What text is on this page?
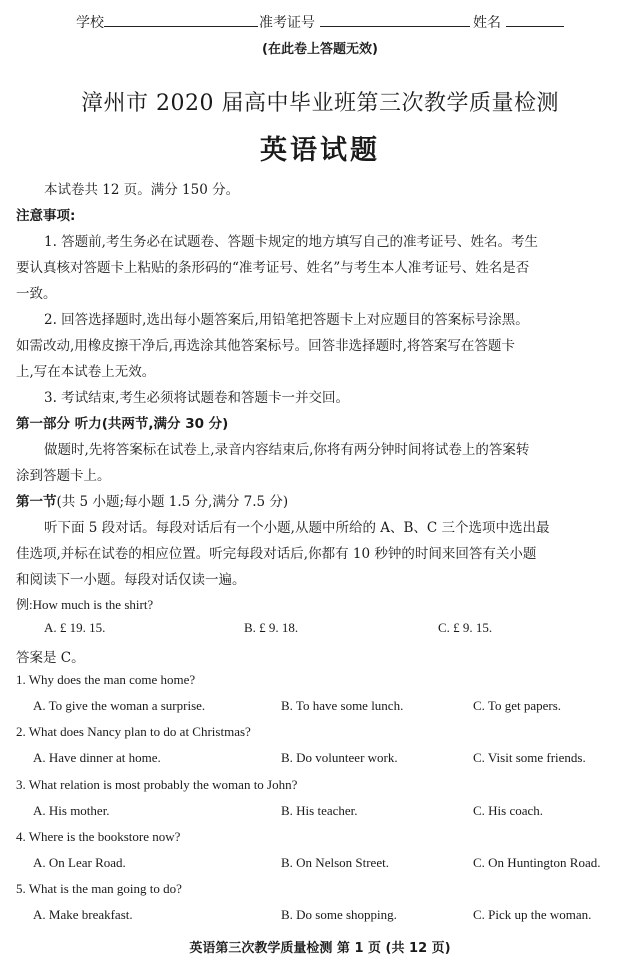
学校	准考证号	姓名
(在此卷上答题无效)
漳州市 2020 届高中毕业班第三次教学质量检测
英语试题
本试卷共 12 页。满分 150 分。
注意事项:
1. 答题前,考生务必在试题卷、答题卡规定的地方填写自己的准考证号、姓名。考生
要认真核对答题卡上粘贴的条形码的“准考证号、姓名”与考生本人准考证号、姓名是否
一致。
2. 回答选择题时,选出每小题答案后,用铅笔把答题卡上对应题目的答案标号涂黑。
如需改动,用橡皮擦干净后,再选涂其他答案标号。回答非选择题时,将答案写在答题卡
上,写在本试卷上无效。
3. 考试结束,考生必须将试题卷和答题卡一并交回。
第一部分 听力(共两节,满分 30 分)
做题时,先将答案标在试卷上,录音内容结束后,你将有两分钟时间将试卷上的答案转
涂到答题卡上。
第一节(共 5 小题;每小题 1.5 分,满分 7.5 分)
听下面 5 段对话。每段对话后有一个小题,从题中所给的 A、B、C 三个选项中选出最
佳选项,并标在试卷的相应位置。听完每段对话后,你都有 10 秒钟的时间来回答有关小题
和阅读下一小题。每段对话仅读一遍。
例:How much is the shirt?
A. £ 19. 15.	B. £ 9. 18.	C. £ 9. 15.
答案是 C。
1. Why does the man come home?
A. To give the woman a surprise.	B. To have some lunch.	C. To get papers.
2. What does Nancy plan to do at Christmas?
A. Have dinner at home.	B. Do volunteer work.	C. Visit some friends.
3. What relation is most probably the woman to John?
A. His mother.	B. His teacher.	C. His coach.
4. Where is the bookstore now?
A. On Lear Road.	B. On Nelson Street.	C. On Huntington Road.
5. What is the man going to do?
A. Make breakfast.	B. Do some shopping.	C. Pick up the woman.
英语第三次教学质量检测 第 1 页 (共 12 页)
